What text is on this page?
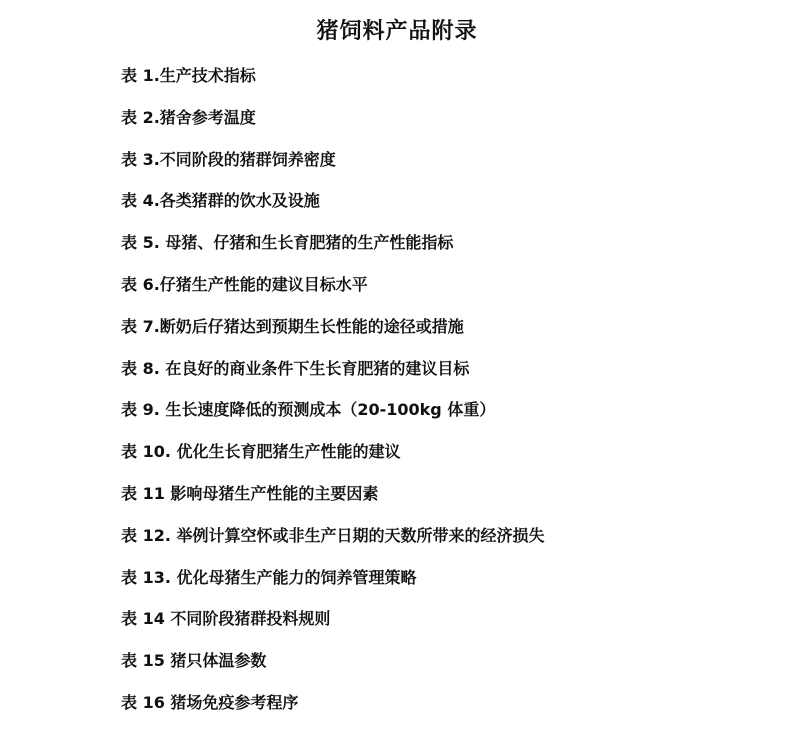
猪饲料产品附录
表 1.生产技术指标
表 2.猪舍参考温度
表 3.不同阶段的猪群饲养密度
表 4.各类猪群的饮水及设施
表 5. 母猪、仔猪和生长育肥猪的生产性能指标
表 6.仔猪生产性能的建议目标水平
表 7.断奶后仔猪达到预期生长性能的途径或措施
表 8. 在良好的商业条件下生长育肥猪的建议目标
表 9. 生长速度降低的预测成本（20-100kg 体重）
表 10. 优化生长育肥猪生产性能的建议
表 11 影响母猪生产性能的主要因素
表 12. 举例计算空怀或非生产日期的天数所带来的经济损失
表 13. 优化母猪生产能力的饲养管理策略
表 14 不同阶段猪群投料规则
表 15 猪只体温参数
表 16 猪场免疫参考程序
